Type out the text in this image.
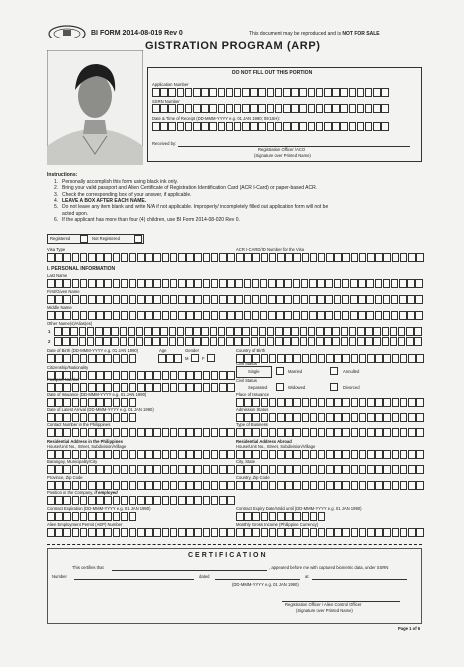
BI FORM 2014-08-019 Rev 0	This document may be reproduced and is NOT FOR SALE
GISTRATION PROGRAM (ARP)
DO NOT FILL OUT THIS PORTION
Application Number
SSRN Number
Date & Time of Receipt (DD-MMM-YYYY e.g. 01 JAN 1990; 09:15H):
Received by:
Registration Officer /ACO
(Signature over Printed Name)
Instructions:
1. Personally accomplish this form using black ink only.
2. Bring your valid passport and Alien Certificate of Registration Identification Card (ACR I-Card) or paper-based ACR.
3. Check the corresponding box of your answer, if applicable.
4. LEAVE A BOX AFTER EACH NAME.
5. Do not leave any item blank and write N/A if not applicable. Improperly/ incompletely filled out application form will not be
acted upon.
6. If the applicant has more than four (4) children, use BI Form 2014-08-020 Rev 0.
Registered	Not Registered
Visa Type	ACR I-CARD/ID Number for the Visa
I. PERSONAL INFORMATION
Last Name
First/Given Name
Middle Name
Other Name(s)/Alias(es)
1
2
Date of Birth (DD-MMM-YYYY e.g. 01 JAN 1990)	Age	Gender
M	F
Country of Birth
Citizenship/Nationality
Civil Status
Single	Married	Annulled
Passport Number	Civil Status
Separated	Widowed	Divorced
Date of Issuance (DD-MMM-YYYY e.g. 01 JAN 1990)	Place of Issuance
Date of Latest Arrival (DD-MMM-YYYY e.g. 01 JAN 1990)	Admission Status
Contact Number in the Philippines	Type of Business
Residential Address in the Philippines
House/Unit No., Street, Subdivision/Village
Residential Address Abroad
House/Unit No., Street, Subdivision/Village
Barangay, Municipality/City	City, State
Province, Zip Code	Country, Zip Code
Position in the Company, if employed
Contract Expiration (DD-MMM-YYYY e.g. 01 JAN 1990)	Contract Expiry Date/Valid until (DD-MMM-YYYY e.g. 01 JAN 1990)
Alien Employment Permit (AEP) Number	Monthly Gross Income (Philippine Currency)
CERTIFICATION
This certifies that	, appeared before me with captured biometric data, under SSRN
Number	dated	at
(DD-MMM-YYYY e.g. 01 JAN 1990)
Registration Officer / Alien Control Officer
(Signature over Printed Name)
Page 1 of 6
